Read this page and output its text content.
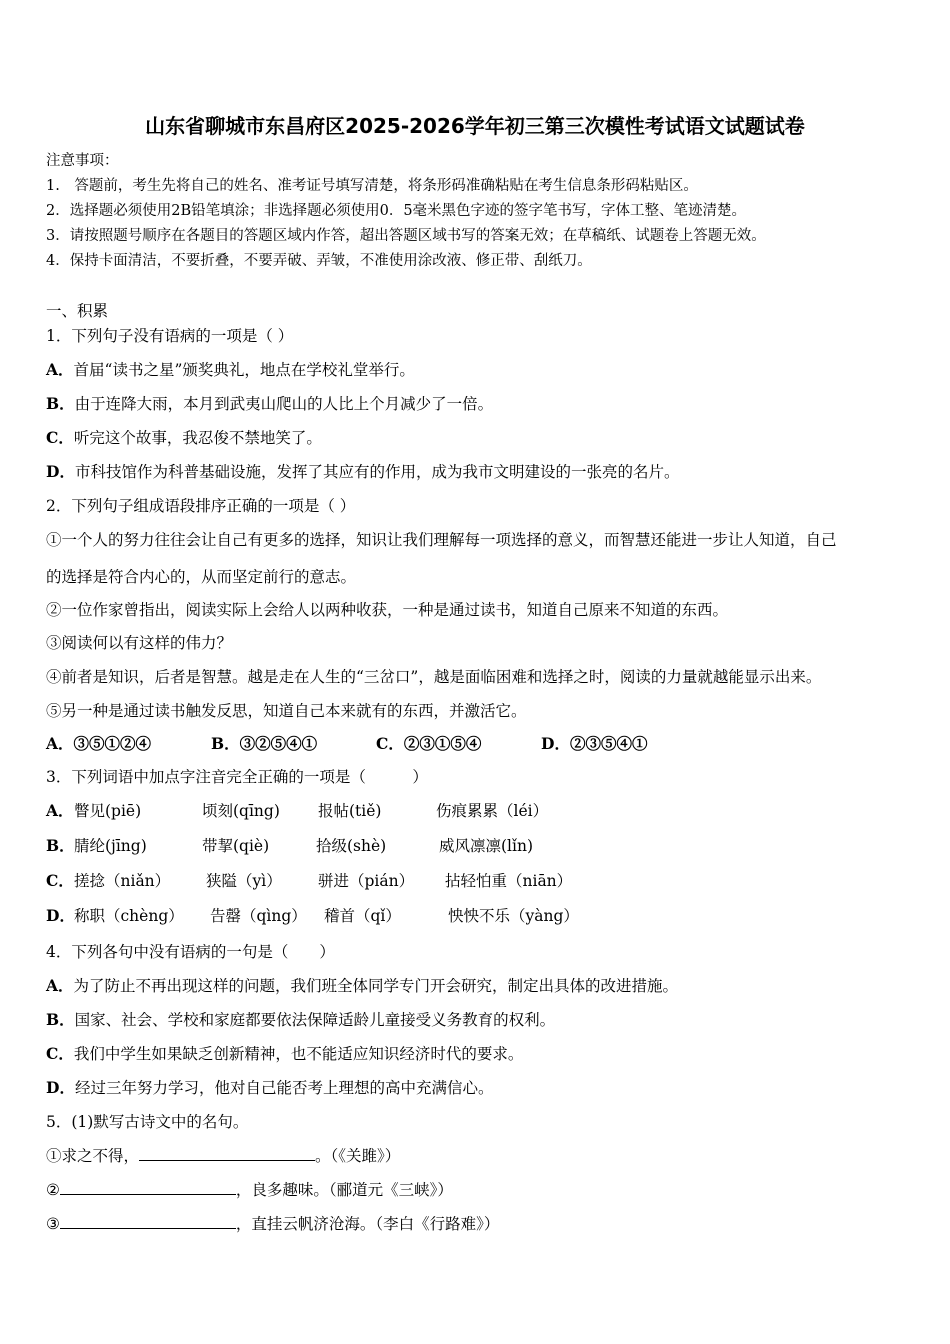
山东省聊城市东昌府区2025-2026学年初三第三次模性考试语文试题试卷
注意事项：
1.　答题前，考生先将自己的姓名、准考证号填写清楚，将条形码准确粘贴在考生信息条形码粘贴区。
2．选择题必须使用2B铅笔填涂；非选择题必须使用0．5毫米黑色字迹的签字笔书写，字体工整、笔迹清楚。
3．请按照题号顺序在各题目的答题区域内作答，超出答题区域书写的答案无效；在草稿纸、试题卷上答题无效。
4．保持卡面清洁，不要折叠，不要弄破、弄皱，不准使用涂改液、修正带、刮纸刀。
一、积累
1．下列句子没有语病的一项是（ ）
A．首届“读书之星”颁奖典礼，地点在学校礼堂举行。
B．由于连降大雨，本月到武夷山爬山的人比上个月减少了一倍。
C．听完这个故事，我忍俊不禁地笑了。
D．市科技馆作为科普基础设施，发挥了其应有的作用，成为我市文明建设的一张亮的名片。
2．下列句子组成语段排序正确的一项是（ ）
①一个人的努力往往会让自己有更多的选择，知识让我们理解每一项选择的意义，而智慧还能进一步让人知道，自己
的选择是符合内心的，从而坚定前行的意志。
②一位作家曾指出，阅读实际上会给人以两种收获，一种是通过读书，知道自己原来不知道的东西。
③阅读何以有这样的伟力？
④前者是知识，后者是智慧。越是走在人生的“三岔口”，越是面临困难和选择之时，阅读的力量就越能显示出来。
⑤另一种是通过读书触发反思，知道自己本来就有的东西，并激活它。
A．③⑤①②④	B．③②⑤④①	C．②③①⑤④	D．②③⑤④①
3．下列词语中加点字注音完全正确的一项是（　　　）
A．瞥见(piē)	顷刻(qīng) 报帖(tiě)	伤痕累累（léi）
B．腈纶(jīng)	带挈(qiè)	拾级(shè)	威风凛凛(lǐn)
C．搓捻（niǎn） 狭隘（yì） 骈进（pián） 拈轻怕重（niān）
D．称职（chèng） 告罄（qìng） 稽首（qǐ）	怏怏不乐（yàng）
4．下列各句中没有语病的一句是（　　）
A．为了防止不再出现这样的问题，我们班全体同学专门开会研究，制定出具体的改进措施。
B．国家、社会、学校和家庭都要依法保障适龄儿童接受义务教育的权利。
C．我们中学生如果缺乏创新精神，也不能适应知识经济时代的要求。
D．经过三年努力学习，他对自己能否考上理想的高中充满信心。
5．(1)默写古诗文中的名句。
①求之不得，	。（《关雎》）
②	，良多趣味。（郦道元《三峡》）
③	，直挂云帆济沧海。（李白《行路难》）
